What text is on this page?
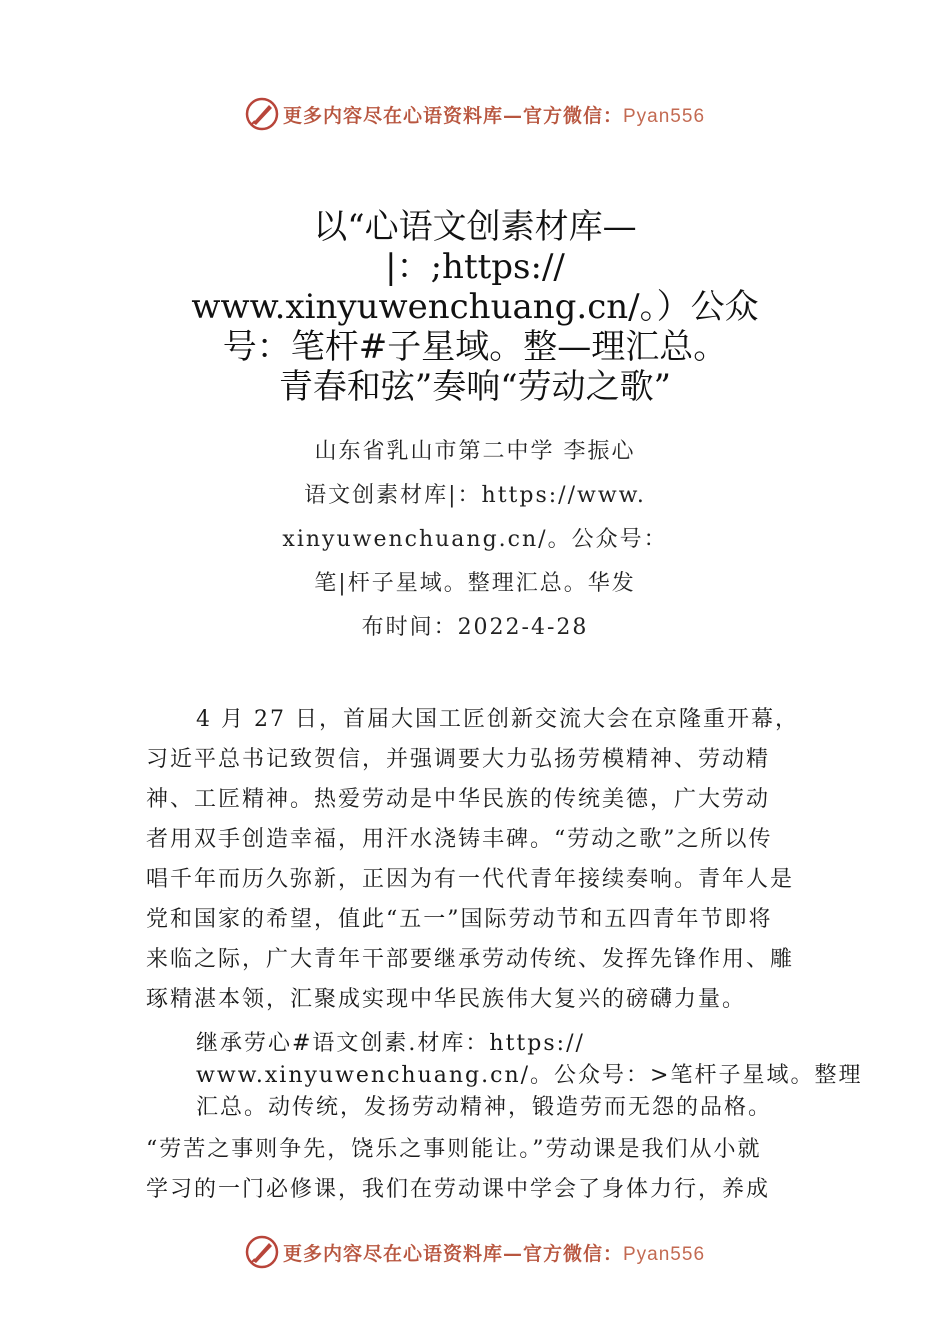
更多内容尽在心语资料库—官方微信：Pyan556
以“心语文创素材库—
|：;https://
www.xinyuwenchuang.cn/。）公众
号：笔杆#子星域。整—理汇总。
青春和弦”奏响“劳动之歌”
山东省乳山市第二中学 李振心
语文创素材库|：https://www.
xinyuwenchuang.cn/。公众号：
笔|杆子星域。整理汇总。华发
布时间：2022-4-28
4 月 27 日，首届大国工匠创新交流大会在京隆重开幕，
习近平总书记致贺信，并强调要大力弘扬劳模精神、劳动精
神、工匠精神。热爱劳动是中华民族的传统美德，广大劳动
者用双手创造幸福，用汗水浇铸丰碑。“劳动之歌”之所以传
唱千年而历久弥新，正因为有一代代青年接续奏响。青年人是
党和国家的希望，值此“五一”国际劳动节和五四青年节即将
来临之际，广大青年干部要继承劳动传统、发挥先锋作用、雕
琢精湛本领，汇聚成实现中华民族伟大复兴的磅礴力量。
继承劳心#语文创素.材库：https://
www.xinyuwenchuang.cn/。公众号：>笔杆子星域。整理
汇总。动传统，发扬劳动精神，锻造劳而无怨的品格。
“劳苦之事则争先，饶乐之事则能让。”劳动课是我们从小就
学习的一门必修课，我们在劳动课中学会了身体力行，养成
更多内容尽在心语资料库—官方微信：Pyan556
